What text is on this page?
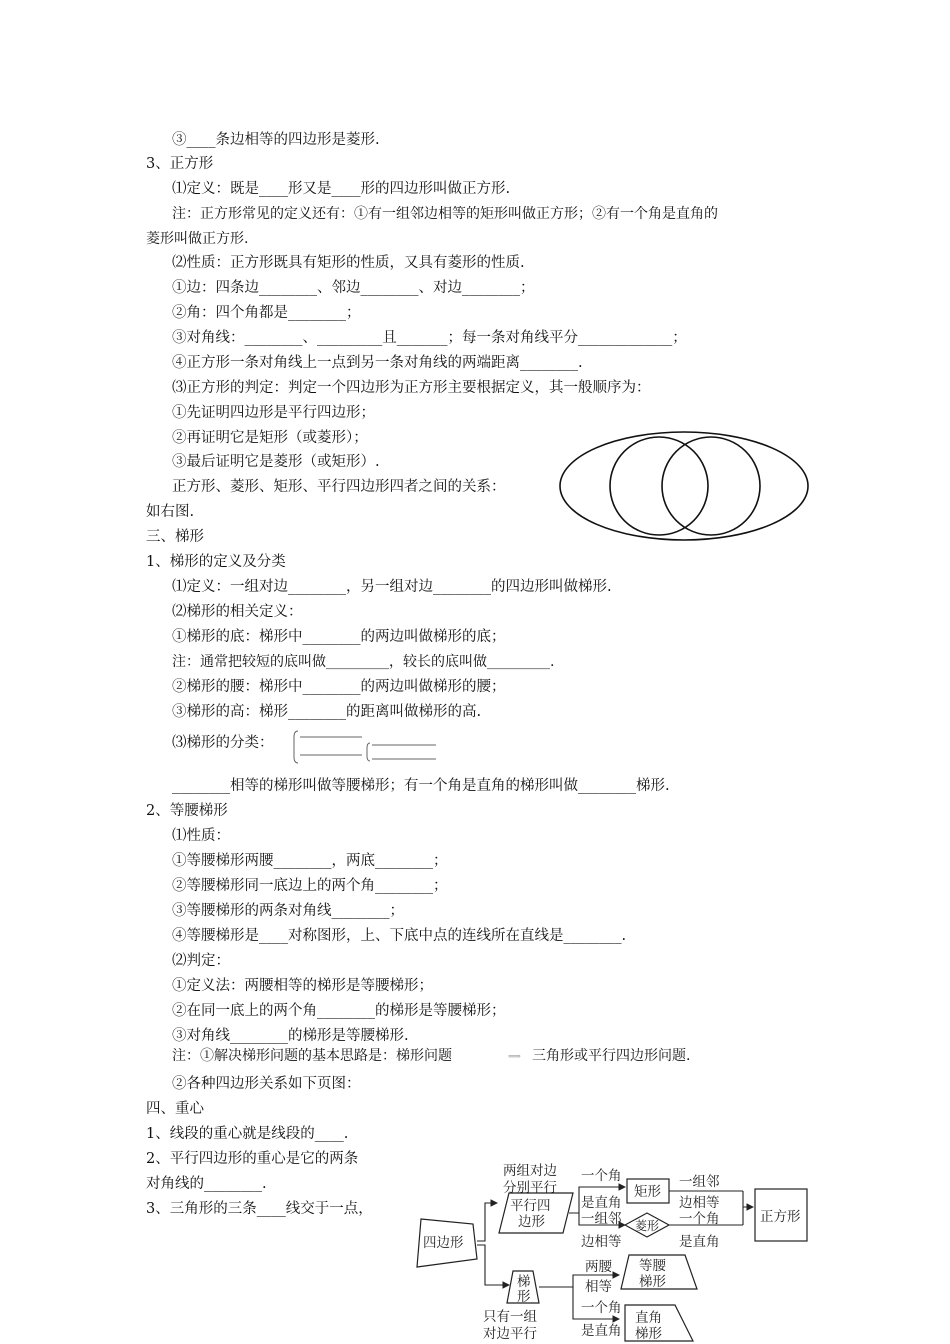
③____条边相等的四边形是菱形.
3、正方形
⑴定义：既是____形又是____形的四边形叫做正方形.
注：正方形常见的定义还有：①有一组邻边相等的矩形叫做正方形；②有一个角是直角的
菱形叫做正方形.
⑵性质：正方形既具有矩形的性质，又具有菱形的性质.
①边：四条边________、邻边________、对边________；
②角：四个角都是________；
③对角线：________、_________且_______；每一条对角线平分_____________；
④正方形一条对角线上一点到另一条对角线的两端距离________.
⑶正方形的判定：判定一个四边形为正方形主要根据定义，其一般顺序为：
①先证明四边形是平行四边形；
②再证明它是矩形（或菱形）；
③最后证明它是菱形（或矩形）.
正方形、菱形、矩形、平行四边形四者之间的关系：
如右图.
三、梯形
1、梯形的定义及分类
⑴定义：一组对边________，另一组对边________的四边形叫做梯形.
⑵梯形的相关定义：
①梯形的底：梯形中________的两边叫做梯形的底；
注：通常把较短的底叫做_________，较长的底叫做_________.
②梯形的腰：梯形中________的两边叫做梯形的腰；
③梯形的高：梯形________的距离叫做梯形的高.
⑶梯形的分类：
________相等的梯形叫做等腰梯形；有一个角是直角的梯形叫做________梯形.
2、等腰梯形
⑴性质：
①等腰梯形两腰________，两底________；
②等腰梯形同一底边上的两个角________；
③等腰梯形的两条对角线________；
④等腰梯形是____对称图形，上、下底中点的连线所在直线是________.
⑵判定：
①定义法：两腰相等的梯形是等腰梯形；
②在同一底上的两个角________的梯形是等腰梯形；
③对角线________的梯形是等腰梯形.
注：①解决梯形问题的基本思路是：梯形问题	⟹ 三角形或平行四边形问题.
②各种四边形关系如下页图：
四、重心
1、线段的重心就是线段的____.
2、平行四边形的重心是它的两条
对角线的________.
3、三角形的三条____线交于一点，
四边形
两组对边
分别平行
平行四
边形
一个角
是直角
矩形
一组邻
边相等
菱形
一组邻
边相等
一个角
是直角
正方形
梯
形
只有一组
对边平行
两腰
相等
等腰
梯形
一个角
是直角
直角
梯形
